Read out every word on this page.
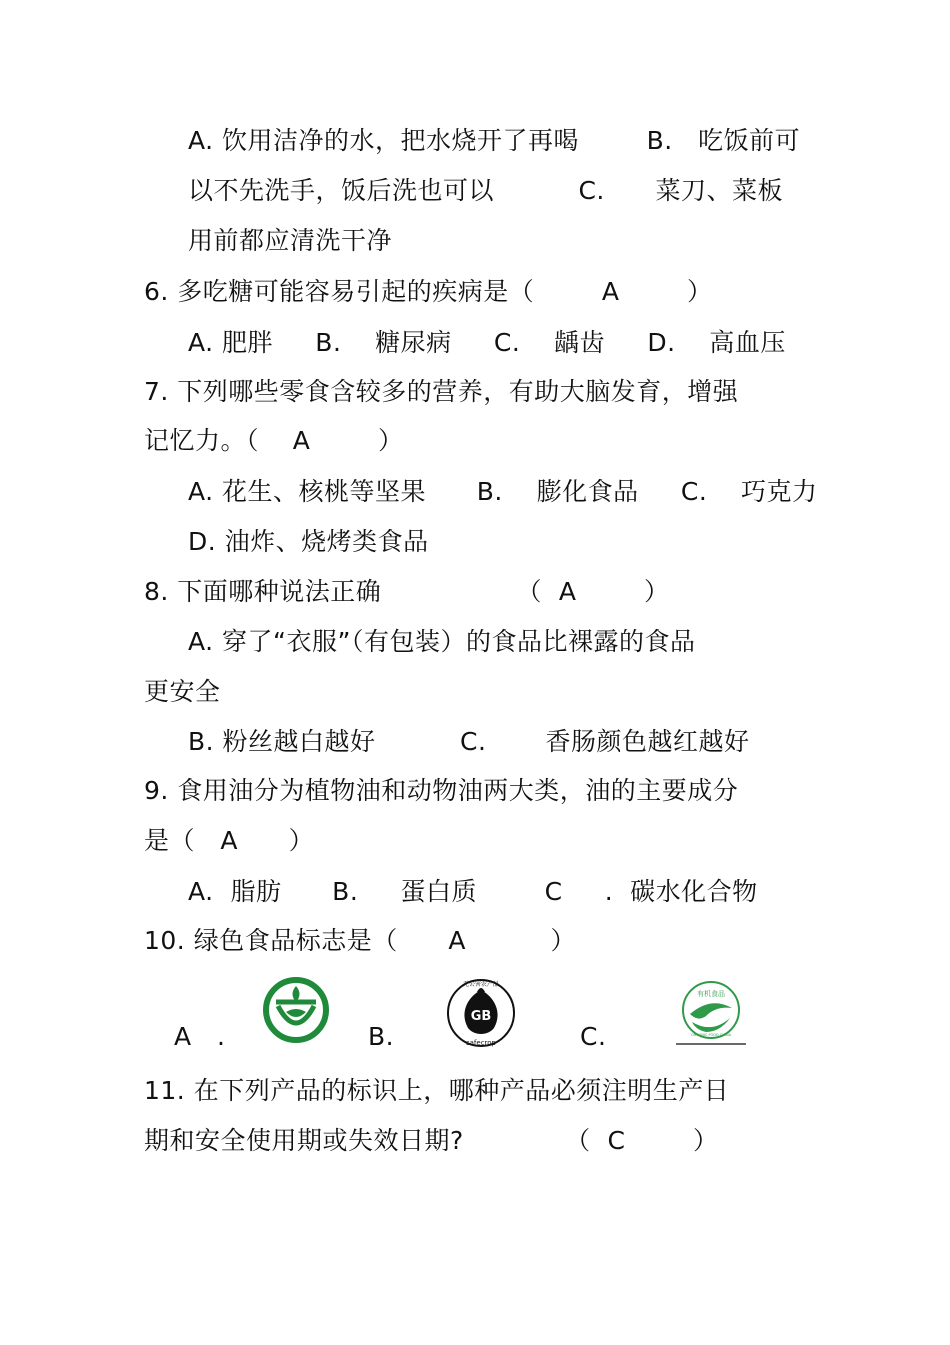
A. 饮用洁净的水，把水烧开了再喝        B.   吃饭前可
以不先洗手，饭后洗也可以          C.      菜刀、菜板
用前都应清洗干净
6. 多吃糖可能容易引起的疾病是（        A        ）
A. 肥胖     B.    糖尿病     C.    龋齿     D.    高血压
7. 下列哪些零食含较多的营养，有助大脑发育，增强
记忆力。（    A        ）
A. 花生、核桃等坚果      B.    膨化食品     C.    巧克力
D. 油炸、烧烤类食品
8. 下面哪种说法正确                （  A        ）
A. 穿了“衣服”（有包装）的食品比裸露的食品
更安全
B. 粉丝越白越好          C.       香肠颜色越红越好
9. 食用油分为植物油和动物油两大类，油的主要成分
是（   A      ）
A.  脂肪      B.     蛋白质        C     .  碳水化合物
10. 绿色食品标志是（      A          ）
A   .	B.	C.
GB
无公害农产品
safecrop
有机食品
ORGANIC FOOD CHINA
11. 在下列产品的标识上，哪种产品必须注明生产日
期和安全使用期或失效日期?            （  C        ）
